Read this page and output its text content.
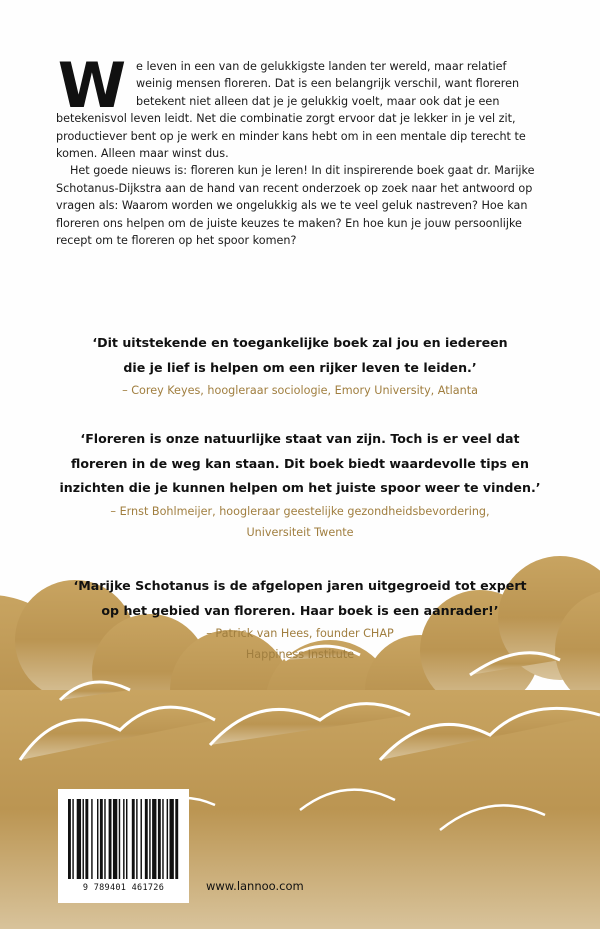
W e leven in een van de gelukkigste landen ter wereld, maar relatief weinig mensen floreren. Dat is een belangrijk verschil, want floreren betekent niet alleen dat je je gelukkig voelt, maar ook dat je een betekenisvol leven leidt. Net die combinatie zorgt ervoor dat je lekker in je vel zit, productiever bent op je werk en minder kans hebt om in een mentale dip terecht te komen. Alleen maar winst dus.

Het goede nieuws is: floreren kun je leren! In dit inspirerende boek gaat dr. Marijke Schotanus-Dijkstra aan de hand van recent onderzoek op zoek naar het antwoord op vragen als: Waarom worden we ongelukkig als we te veel geluk nastreven? Hoe kan floreren ons helpen om de juiste keuzes te maken? En hoe kun je jouw persoonlijke recept om te floreren op het spoor komen?

‘Dit uitstekende en toegankelijke boek zal jou en iedereen
die je lief is helpen om een rijker leven te leiden.’
– Corey Keyes, hoogleraar sociologie, Emory University, Atlanta
‘Floreren is onze natuurlijke staat van zijn. Toch is er veel dat
floreren in de weg kan staan. Dit boek biedt waardevolle tips en
inzichten die je kunnen helpen om het juiste spoor weer te vinden.’
– Ernst Bohlmeijer, hoogleraar geestelijke gezondheidsbevordering,
Universiteit Twente
‘Marijke Schotanus is de afgelopen jaren uitgegroeid tot expert
op het gebied van floreren. Haar boek is een aanrader!’
– Patrick van Hees, founder CHAP
Happiness Institute
9 789401 461726	www.lannoo.com
